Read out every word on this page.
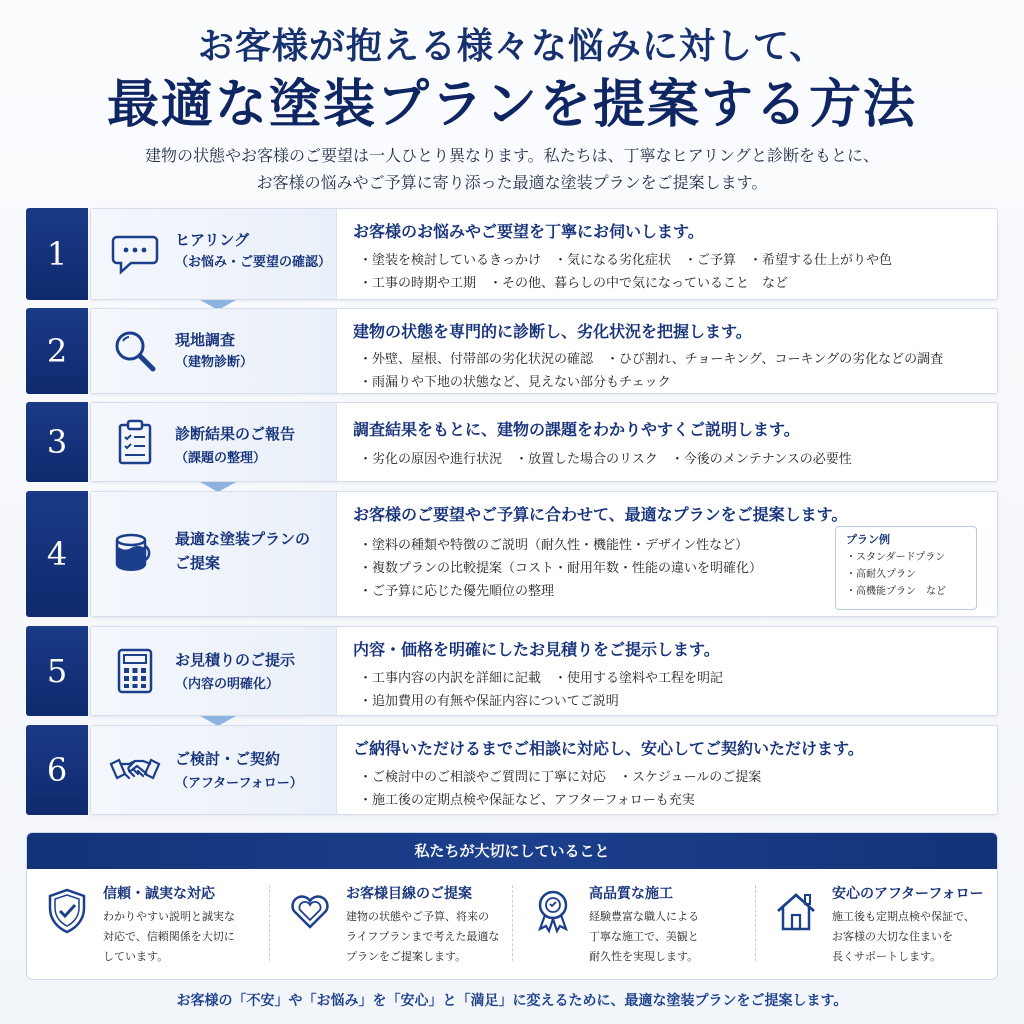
お客様が抱える様々な悩みに対して、
最適な塗装プランを提案する方法
建物の状態やお客様のご要望は一人ひとり異なります。私たちは、丁寧なヒアリングと診断をもとに、
お客様の悩みやご予算に寄り添った最適な塗装プランをご提案します。
1	ヒアリング
（お悩み・ご要望の確認）
お客様のお悩みやご要望を丁寧にお伺いします。
・塗装を検討しているきっかけ　・気になる劣化症状　・ご予算　・希望する仕上がりや色
・工事の時期や工期　・その他、暮らしの中で気になっていること　など
2	現地調査
（建物診断）
建物の状態を専門的に診断し、劣化状況を把握します。
・外壁、屋根、付帯部の劣化状況の確認　・ひび割れ、チョーキング、コーキングの劣化などの調査
・雨漏りや下地の状態など、見えない部分もチェック
3	診断結果のご報告
（課題の整理）
調査結果をもとに、建物の課題をわかりやすくご説明します。
・劣化の原因や進行状況　・放置した場合のリスク　・今後のメンテナンスの必要性
4	最適な塗装プランの
ご提案
お客様のご要望やご予算に合わせて、最適なプランをご提案します。
・塗料の種類や特徴のご説明（耐久性・機能性・デザイン性など）
・複数プランの比較提案（コスト・耐用年数・性能の違いを明確化）
・ご予算に応じた優先順位の整理
プラン例
・スタンダードプラン
・高耐久プラン
・高機能プラン　など
5	お見積りのご提示
（内容の明確化）
内容・価格を明確にしたお見積りをご提示します。
・工事内容の内訳を詳細に記載　・使用する塗料や工程を明記
・追加費用の有無や保証内容についてご説明
6	ご検討・ご契約
（アフターフォロー）
ご納得いただけるまでご相談に対応し、安心してご契約いただけます。
・ご検討中のご相談やご質問に丁寧に対応　・スケジュールのご提案
・施工後の定期点検や保証など、アフターフォローも充実
私たちが大切にしていること
信頼・誠実な対応
わかりやすい説明と誠実な
対応で、信頼関係を大切に
しています。
お客様目線のご提案
建物の状態やご予算、将来の
ライフプランまで考えた最適な
プランをご提案します。
高品質な施工
経験豊富な職人による
丁寧な施工で、美観と
耐久性を実現します。
安心のアフターフォロー
施工後も定期点検や保証で、
お客様の大切な住まいを
長くサポートします。
お客様の「不安」や「お悩み」を「安心」と「満足」に変えるために、最適な塗装プランをご提案します。
